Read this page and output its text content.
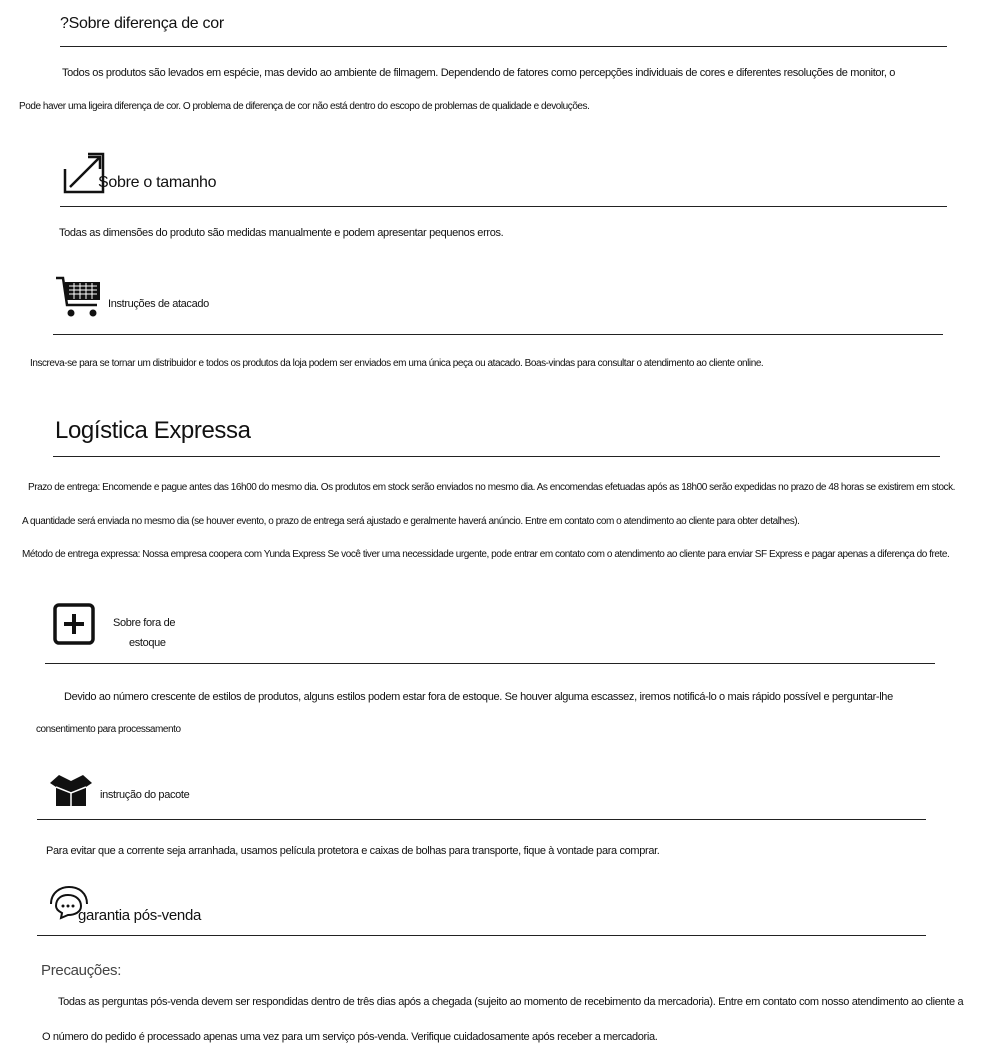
?Sobre diferença de cor
Todos os produtos são levados em espécie, mas devido ao ambiente de filmagem. Dependendo de fatores como percepções individuais de cores e diferentes resoluções de monitor, o
Pode haver uma ligeira diferença de cor. O problema de diferença de cor não está dentro do escopo de problemas de qualidade e devoluções.
Sobre o tamanho
Todas as dimensões do produto são medidas manualmente e podem apresentar pequenos erros.
Instruções de atacado
Inscreva-se para se tornar um distribuidor e todos os produtos da loja podem ser enviados em uma única peça ou atacado. Boas-vindas para consultar o atendimento ao cliente online.
Logística Expressa
Prazo de entrega: Encomende e pague antes das 16h00 do mesmo dia. Os produtos em stock serão enviados no mesmo dia. As encomendas efetuadas após as 18h00 serão expedidas no prazo de 48 horas se existirem em stock.
A quantidade será enviada no mesmo dia (se houver evento, o prazo de entrega será ajustado e geralmente haverá anúncio. Entre em contato com o atendimento ao cliente para obter detalhes).
Método de entrega expressa: Nossa empresa coopera com Yunda Express Se você tiver uma necessidade urgente, pode entrar em contato com o atendimento ao cliente para enviar SF Express e pagar apenas a diferença do frete.
Sobre fora de
estoque
Devido ao número crescente de estilos de produtos, alguns estilos podem estar fora de estoque. Se houver alguma escassez, iremos notificá-lo o mais rápido possível e perguntar-lhe
consentimento para processamento
instrução do pacote
Para evitar que a corrente seja arranhada, usamos película protetora e caixas de bolhas para transporte, fique à vontade para comprar.
garantia pós-venda
Precauções:
Todas as perguntas pós-venda devem ser respondidas dentro de três dias após a chegada (sujeito ao momento de recebimento da mercadoria). Entre em contato com nosso atendimento ao cliente a
O número do pedido é processado apenas uma vez para um serviço pós-venda. Verifique cuidadosamente após receber a mercadoria.
